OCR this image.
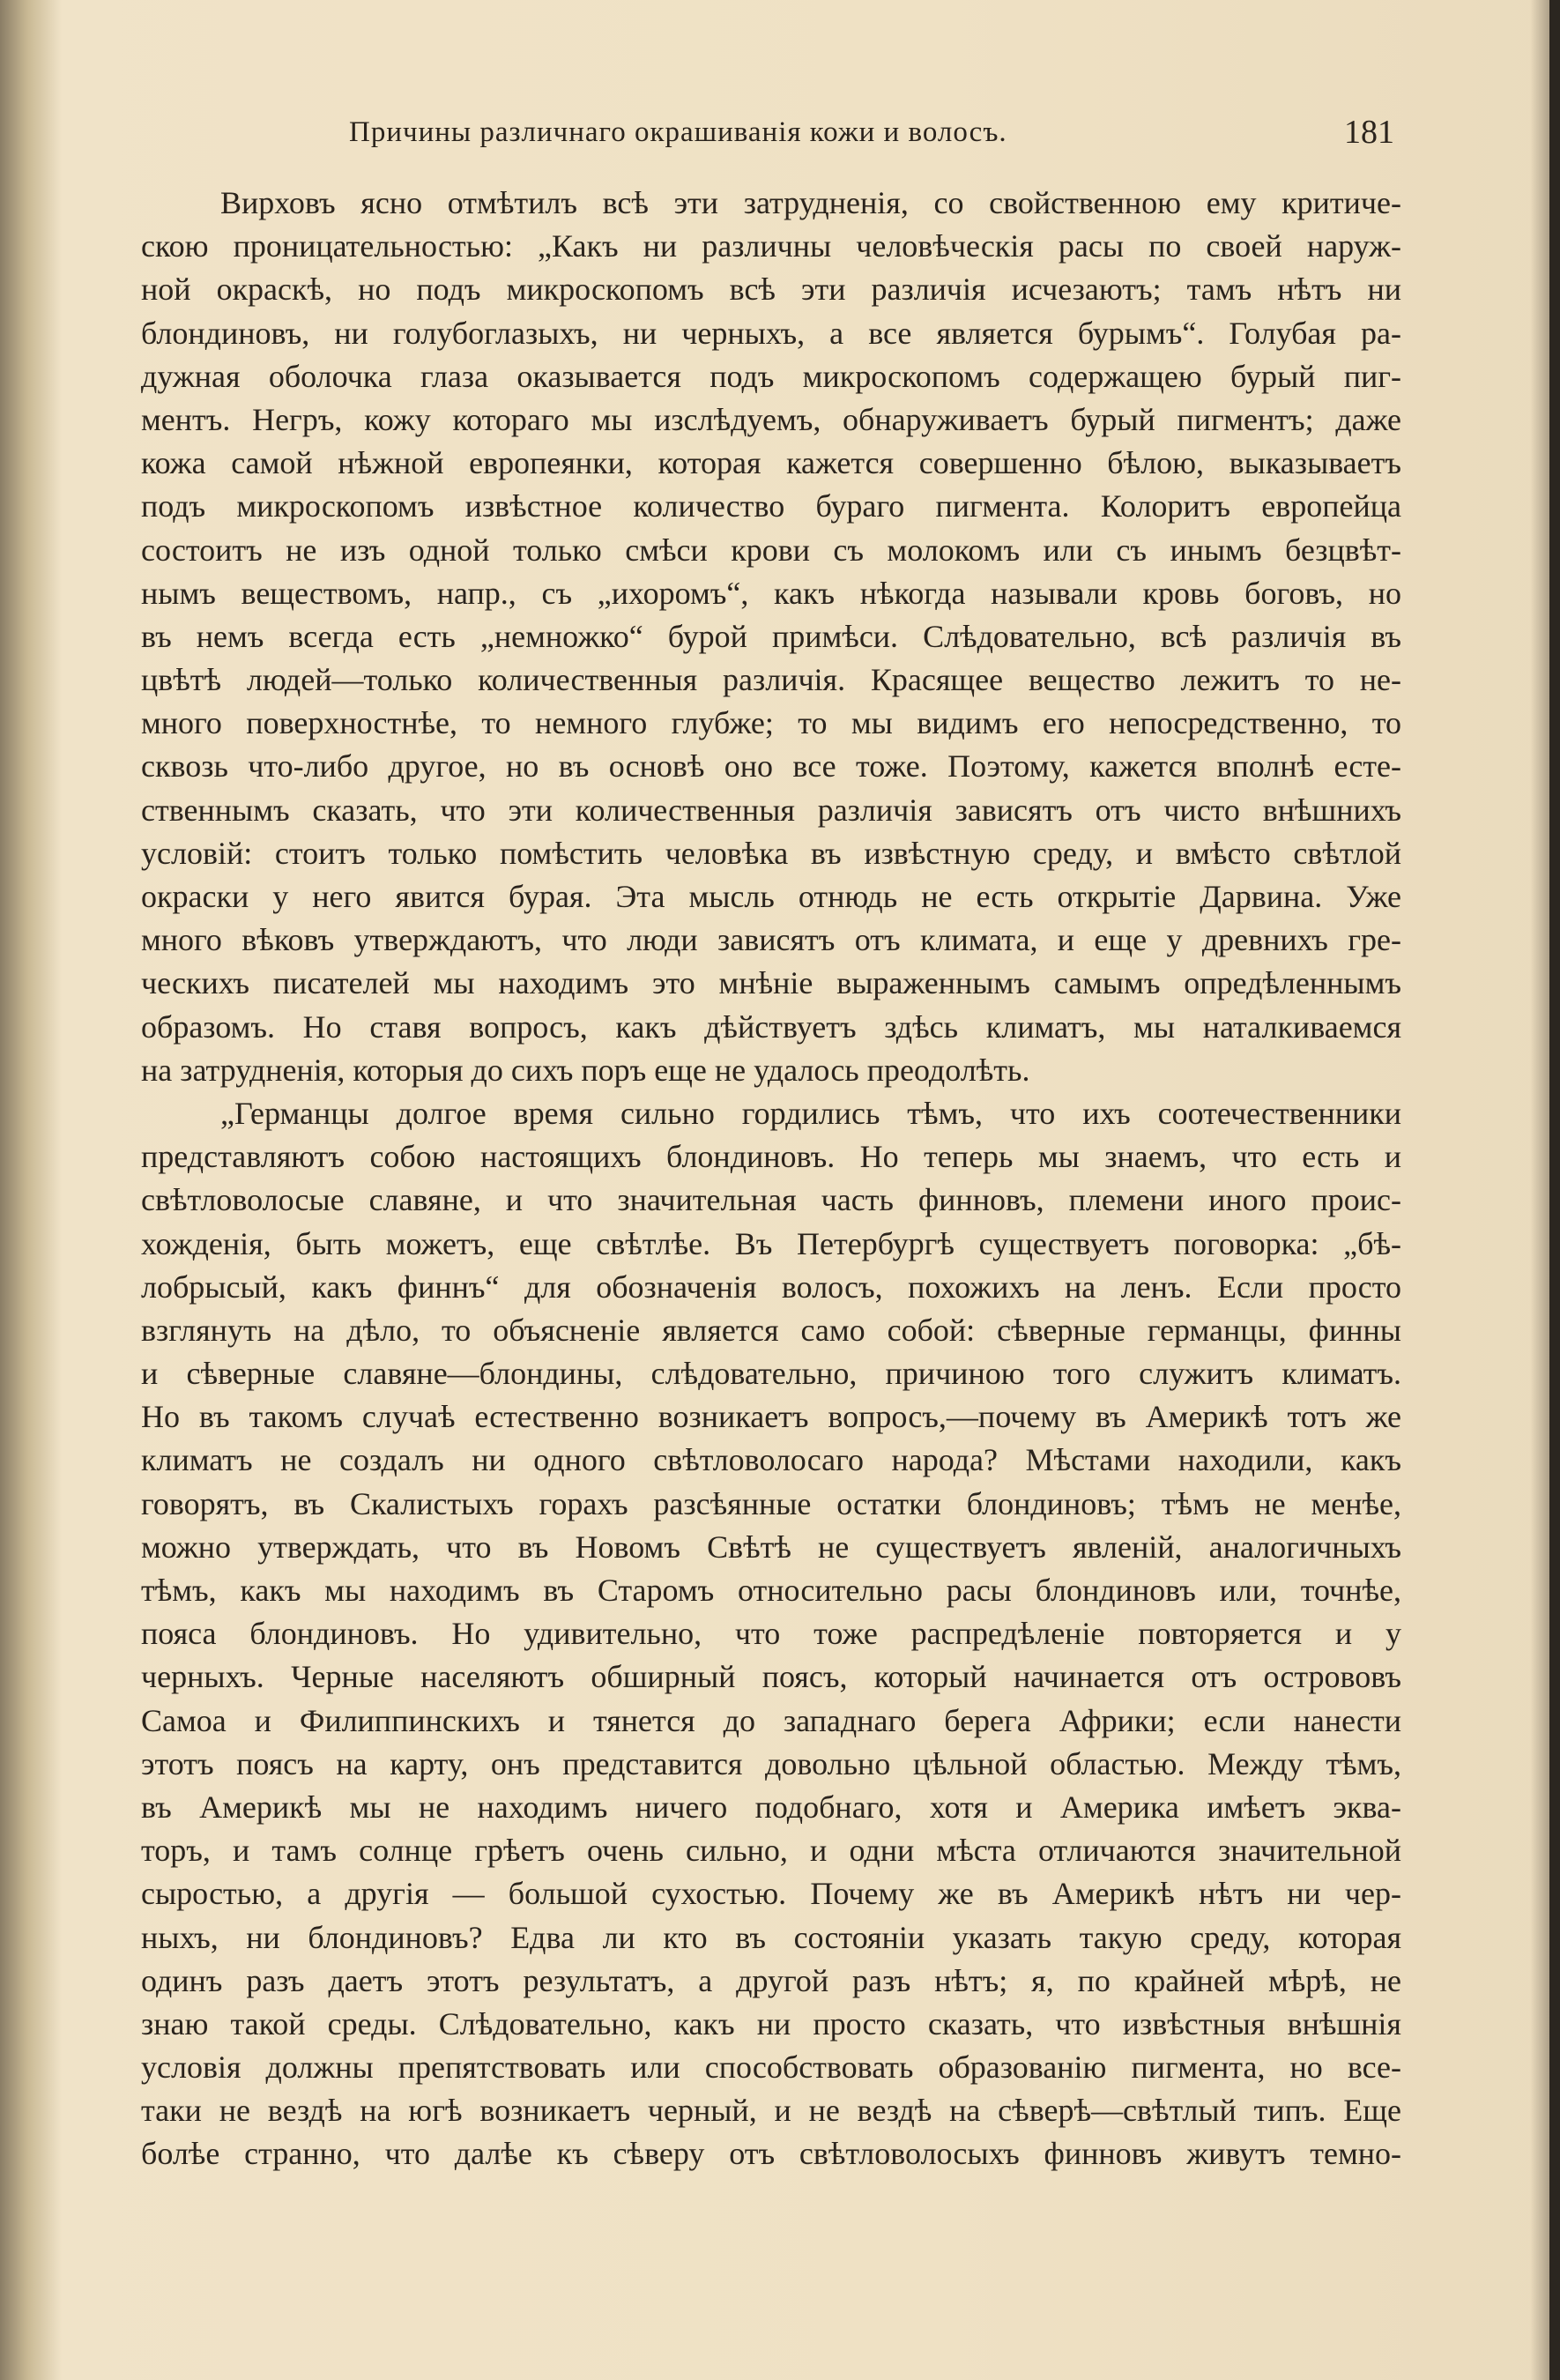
Причины различнаго окрашиванія кожи и волосъ.	181
Вирховъ ясно отмѣтилъ всѣ эти затрудненія, со свойственною ему критиче-
скою проницательностью: „Какъ ни различны человѣческія расы по своей наруж-
ной окраскѣ, но подъ микроскопомъ всѣ эти различія исчезаютъ; тамъ нѣтъ ни
блондиновъ, ни голубоглазыхъ, ни черныхъ, а все является бурымъ“. Голубая ра-
дужная оболочка глаза оказывается подъ микроскопомъ содержащею бурый пиг-
ментъ. Негръ, кожу котораго мы изслѣдуемъ, обнаруживаетъ бурый пигментъ; даже
кожа самой нѣжной европеянки, которая кажется совершенно бѣлою, выказываетъ
подъ микроскопомъ извѣстное количество бураго пигмента. Колоритъ европейца
состоитъ не изъ одной только смѣси крови съ молокомъ или съ инымъ безцвѣт-
нымъ веществомъ, напр., съ „ихоромъ“, какъ нѣкогда называли кровь боговъ, но
въ немъ всегда есть „немножко“ бурой примѣси. Слѣдовательно, всѣ различія въ
цвѣтѣ людей—только количественныя различія. Красящее вещество лежитъ то не-
много поверхностнѣе, то немного глубже; то мы видимъ его непосредственно, то
сквозь что-либо другое, но въ основѣ оно все тоже. Поэтому, кажется вполнѣ есте-
ственнымъ сказать, что эти количественныя различія зависятъ отъ чисто внѣшнихъ
условій: стоитъ только помѣстить человѣка въ извѣстную среду, и вмѣсто свѣтлой
окраски у него явится бурая. Эта мысль отнюдь не есть открытіе Дарвина. Уже
много вѣковъ утверждаютъ, что люди зависятъ отъ климата, и еще у древнихъ гре-
ческихъ писателей мы находимъ это мнѣніе выраженнымъ самымъ опредѣленнымъ
образомъ. Но ставя вопросъ, какъ дѣйствуетъ здѣсь климатъ, мы наталкиваемся
на затрудненія, которыя до сихъ поръ еще не удалось преодолѣть.
„Германцы долгое время сильно гордились тѣмъ, что ихъ соотечественники
представляютъ собою настоящихъ блондиновъ. Но теперь мы знаемъ, что есть и
свѣтловолосые славяне, и что значительная часть финновъ, племени иного проис-
хожденія, быть можетъ, еще свѣтлѣе. Въ Петербургѣ существуетъ поговорка: „бѣ-
лобрысый, какъ финнъ“ для обозначенія волосъ, похожихъ на ленъ. Если просто
взглянуть на дѣло, то объясненіе является само собой: сѣверные германцы, финны
и сѣверные славяне—блондины, слѣдовательно, причиною того служитъ климатъ.
Но въ такомъ случаѣ естественно возникаетъ вопросъ,—почему въ Америкѣ тотъ же
климатъ не создалъ ни одного свѣтловолосаго народа? Мѣстами находили, какъ
говорятъ, въ Скалистыхъ горахъ разсѣянные остатки блондиновъ; тѣмъ не менѣе,
можно утверждать, что въ Новомъ Свѣтѣ не существуетъ явленій, аналогичныхъ
тѣмъ, какъ мы находимъ въ Старомъ относительно расы блондиновъ или, точнѣе,
пояса блондиновъ. Но удивительно, что тоже распредѣленіе повторяется и у
черныхъ. Черные населяютъ обширный поясъ, который начинается отъ острововъ
Самоа и Филиппинскихъ и тянется до западнаго берега Африки; если нанести
этотъ поясъ на карту, онъ представится довольно цѣльной областью. Между тѣмъ,
въ Америкѣ мы не находимъ ничего подобнаго, хотя и Америка имѣетъ эква-
торъ, и тамъ солнце грѣетъ очень сильно, и одни мѣста отличаются значительной
сыростью, а другія — большой сухостью. Почему же въ Америкѣ нѣтъ ни чер-
ныхъ, ни блондиновъ? Едва ли кто въ состояніи указать такую среду, которая
одинъ разъ даетъ этотъ результатъ, а другой разъ нѣтъ; я, по крайней мѣрѣ, не
знаю такой среды. Слѣдовательно, какъ ни просто сказать, что извѣстныя внѣшнія
условія должны препятствовать или способствовать образованію пигмента, но все-
таки не вездѣ на югѣ возникаетъ черный, и не вездѣ на сѣверѣ—свѣтлый типъ. Еще
болѣе странно, что далѣе къ сѣверу отъ свѣтловолосыхъ финновъ живутъ темно-
